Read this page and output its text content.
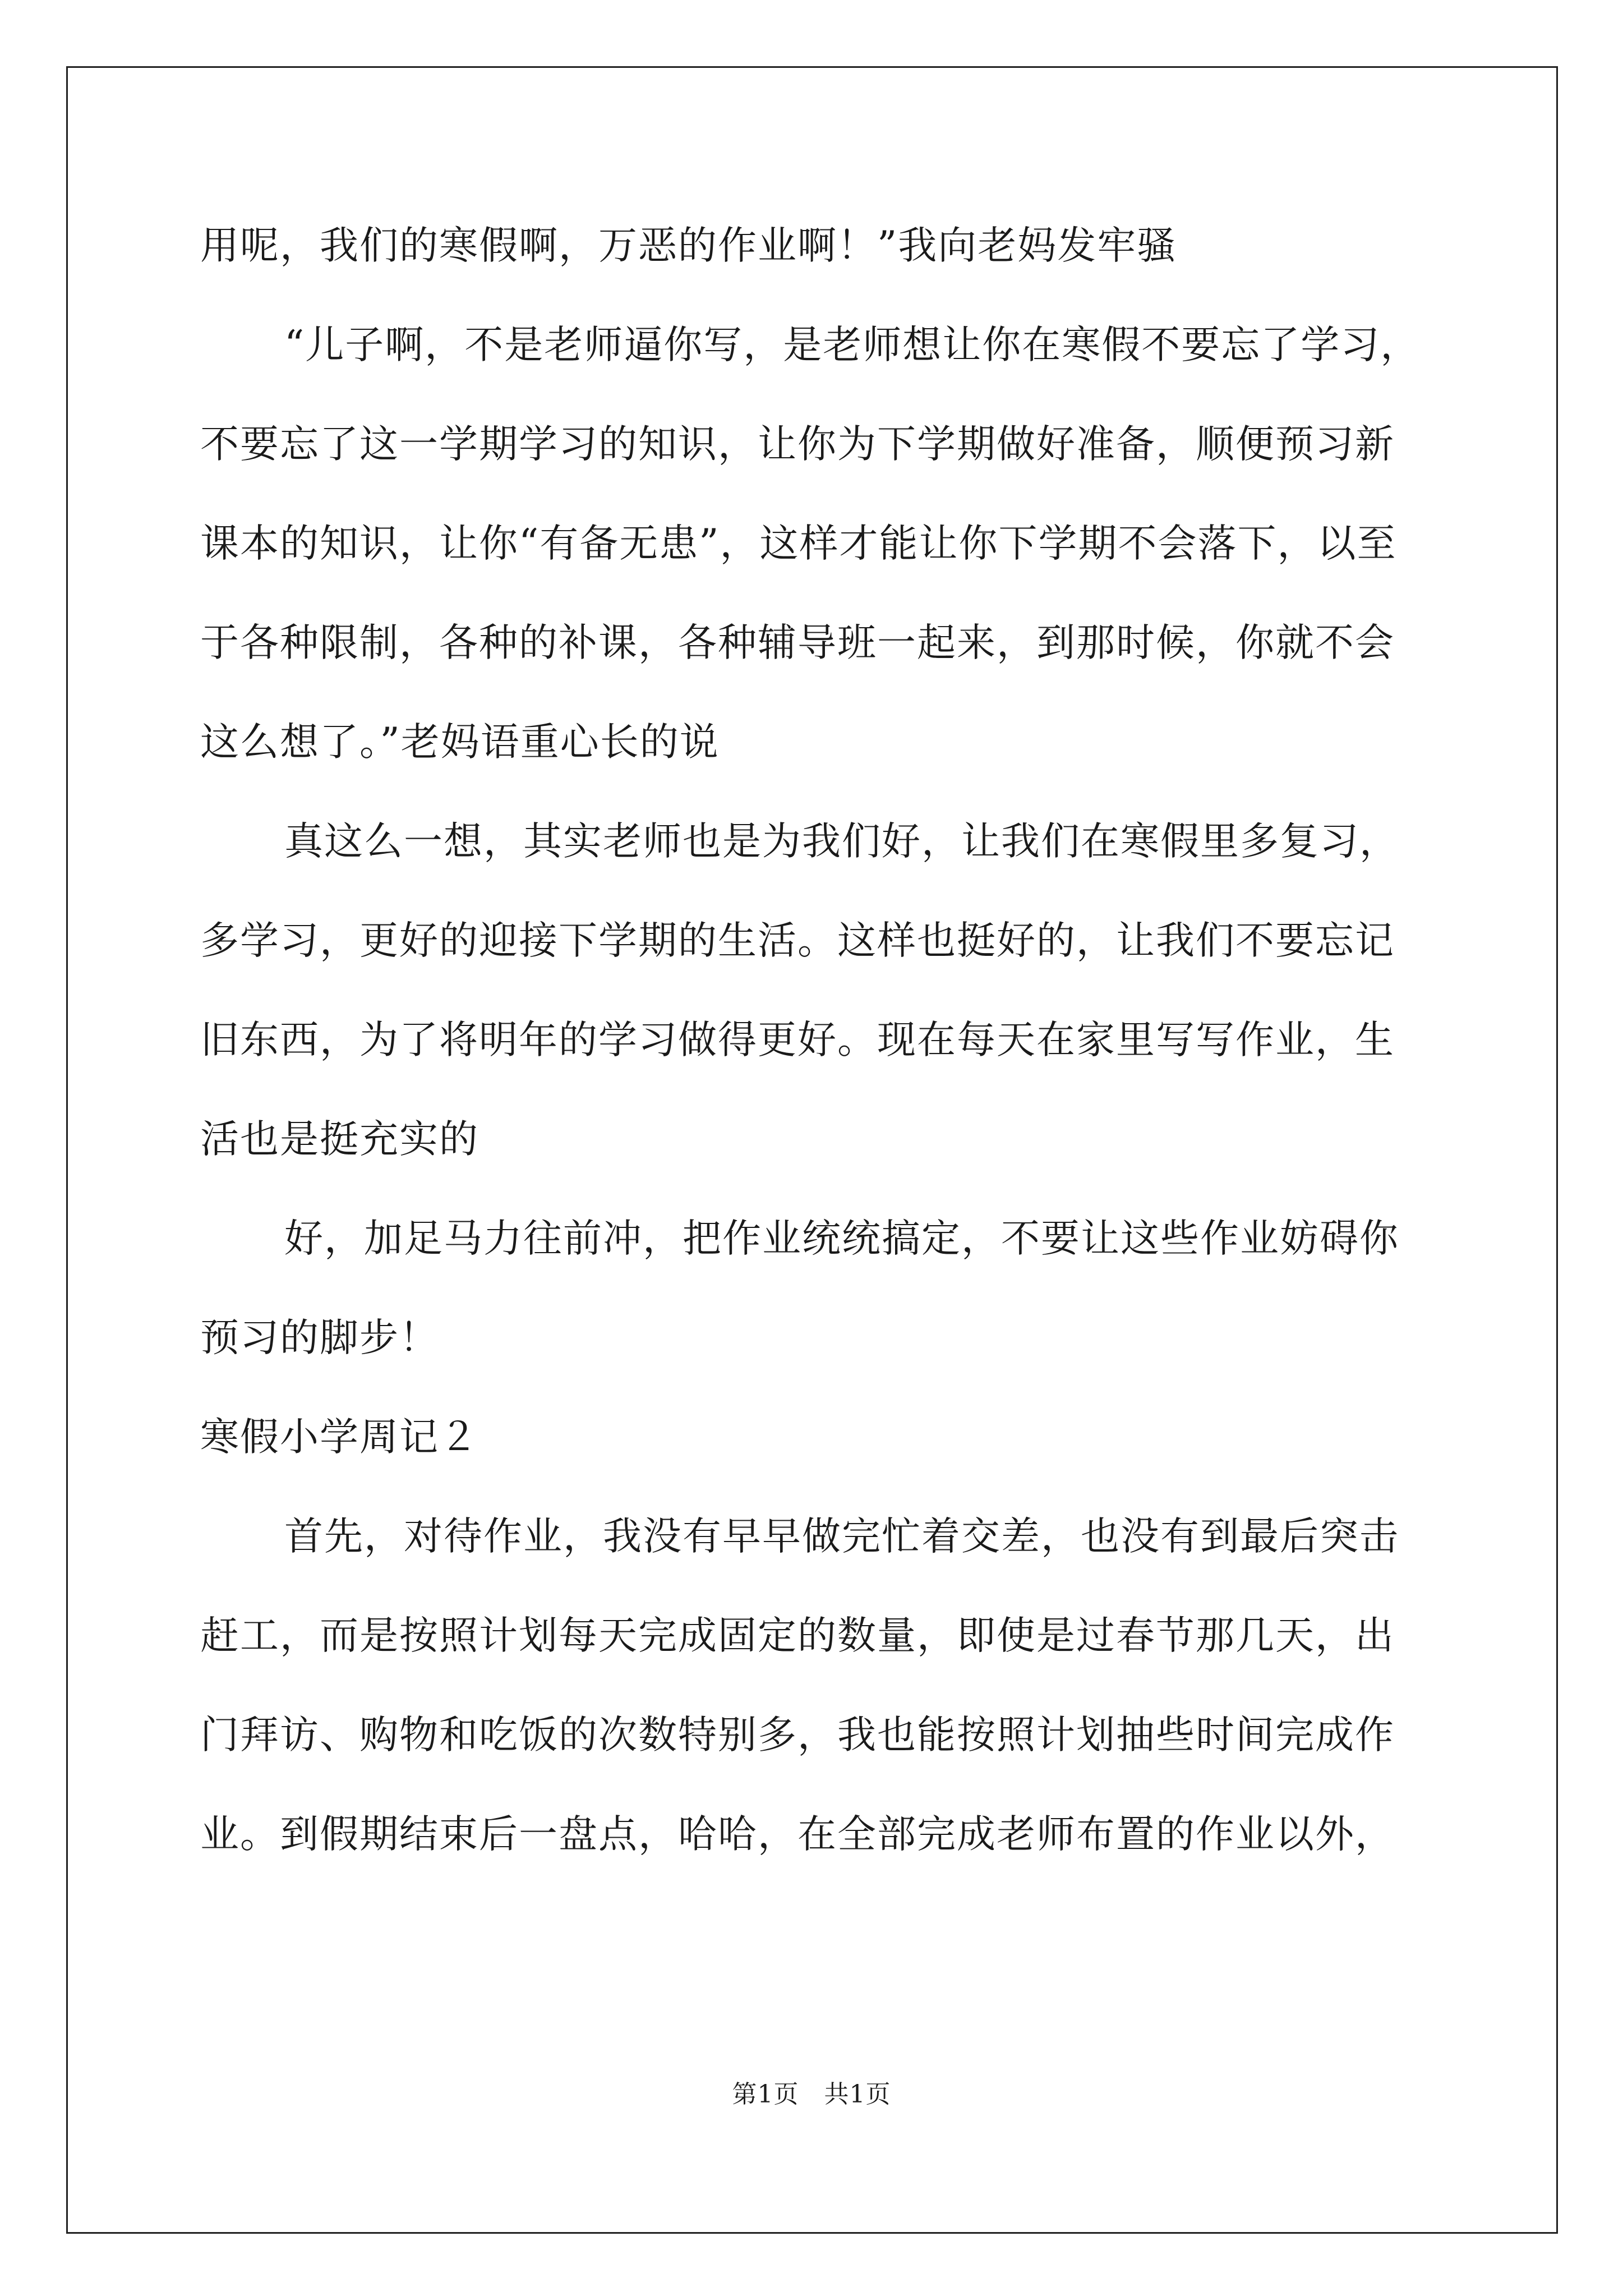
用呢，我们的寒假啊，万恶的作业啊！”我向老妈发牢骚
“儿子啊，不是老师逼你写，是老师想让你在寒假不要忘了学习，
不要忘了这一学期学习的知识，让你为下学期做好准备，顺便预习新
课本的知识，让你“有备无患”，这样才能让你下学期不会落下，以至
于各种限制，各种的补课，各种辅导班一起来，到那时候，你就不会
这么想了。”老妈语重心长的说
真这么一想，其实老师也是为我们好，让我们在寒假里多复习，
多学习，更好的迎接下学期的生活。这样也挺好的，让我们不要忘记
旧东西，为了将明年的学习做得更好。现在每天在家里写写作业，生
活也是挺充实的
好，加足马力往前冲，把作业统统搞定，不要让这些作业妨碍你
预习的脚步！
寒假小学周记２
首先，对待作业，我没有早早做完忙着交差，也没有到最后突击
赶工，而是按照计划每天完成固定的数量，即使是过春节那几天，出
门拜访、购物和吃饭的次数特别多，我也能按照计划抽些时间完成作
业。到假期结束后一盘点，哈哈，在全部完成老师布置的作业以外，
第1页　共1页
